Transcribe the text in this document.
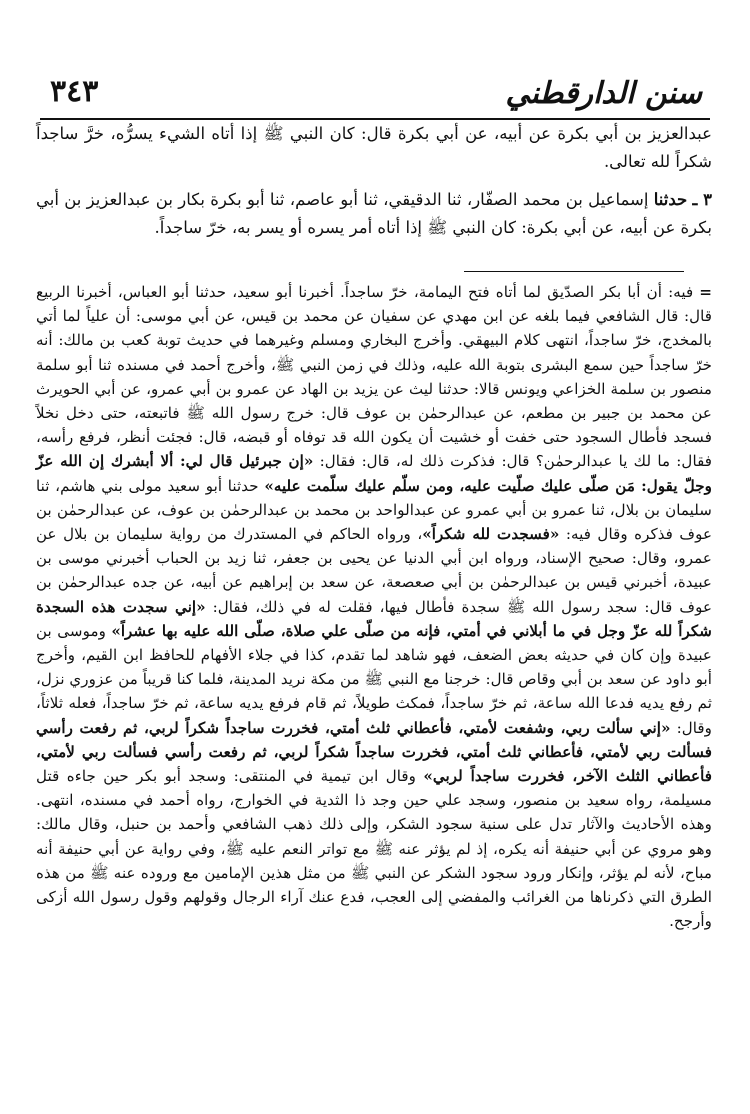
سنن الدارقطني
٣٤٣

عبدالعزيز بن أبي بكرة عن أبيه، عن أبي بكرة قال: كان النبي ﷺ إذا أتاه الشيء يسرُّه، خرَّ ساجداً شكراً لله تعالى.

٣ ـ حدثنا إسماعيل بن محمد الصفّار، ثنا الدقيقي، ثنا أبو عاصم، ثنا أبو بكرة بكار بن عبدالعزيز بن أبي بكرة عن أبيه، عن أبي بكرة: كان النبي ﷺ إذا أتاه أمر يسره أو يسر به، خرّ ساجداً.

=فيه: أن أبا بكر الصدّيق لما أتاه فتح اليمامة، خرّ ساجداً. أخبرنا أبو سعيد، حدثنا أبو العباس، أخبرنا الربيع قال: قال الشافعي فيما بلغه عن ابن مهدي عن سفيان عن محمد بن قيس، عن أبي موسى: أن علياً لما أتي بالمخدج، خرّ ساجداً، انتهى كلام البيهقي. وأخرج البخاري ومسلم وغيرهما في حديث توبة كعب بن مالك: أنه خرّ ساجداً حين سمع البشرى بتوبة الله عليه، وذلك في زمن النبي ﷺ، وأخرج أحمد في مسنده ثنا أبو سلمة منصور بن سلمة الخزاعي ويونس قالا: حدثنا ليث عن يزيد بن الهاد عن عمرو بن أبي عمرو، عن أبي الحويرث عن محمد بن جبير بن مطعم، عن عبدالرحمٰن بن عوف قال: خرج رسول الله ﷺ فاتبعته، حتى دخل نخلاً فسجد فأطال السجود حتى خفت أو خشيت أن يكون الله قد توفاه أو قبضه، قال: فجئت أنظر، فرفع رأسه، فقال: ما لك يا عبدالرحمٰن؟ قال: فذكرت ذلك له، قال: فقال: «إن جبرئيل قال لي: ألا أبشرك إن الله عزّ وجلّ يقول: مَن صلّى عليك صلّيت عليه، ومن سلّم عليك سلّمت عليه» حدثنا أبو سعيد مولى بني هاشم، ثنا سليمان بن بلال، ثنا عمرو بن أبي عمرو عن عبدالواحد بن محمد بن عبدالرحمٰن بن عوف، عن عبدالرحمٰن بن عوف فذكره وقال فيه: «فسجدت لله شكراً»، ورواه الحاكم في المستدرك من رواية سليمان بن بلال عن عمرو، وقال: صحيح الإسناد، ورواه ابن أبي الدنيا عن يحيى بن جعفر، ثنا زيد بن الحباب أخبرني موسى بن عبيدة، أخبرني قيس بن عبدالرحمٰن بن أبي صعصعة، عن سعد بن إبراهيم عن أبيه، عن جده عبدالرحمٰن بن عوف قال: سجد رسول الله ﷺ سجدة فأطال فيها، فقلت له في ذلك، فقال: «إني سجدت هذه السجدة شكراً لله عزّ وجل في ما أبلاني في أمتي، فإنه من صلّى علي صلاة، صلّى الله عليه بها عشراً» وموسى بن عبيدة وإن كان في حديثه بعض الضعف، فهو شاهد لما تقدم، كذا في جلاء الأفهام للحافظ ابن القيم، وأخرج أبو داود عن سعد بن أبي وقاص قال: خرجنا مع النبي ﷺ من مكة نريد المدينة، فلما كنا قريباً من عزوري نزل، ثم رفع يديه فدعا الله ساعة، ثم خرّ ساجداً، فمكث طويلاً، ثم قام فرفع يديه ساعة، ثم خرّ ساجداً، فعله ثلاثاً، وقال: «إني سألت ربي، وشفعت لأمتي، فأعطاني ثلث أمتي، فخررت ساجداً شكراً لربي، ثم رفعت رأسي فسألت ربي لأمتي، فأعطاني ثلث أمتي، فخررت ساجداً شكراً لربي، ثم رفعت رأسي فسألت ربي لأمتي، فأعطاني الثلث الآخر، فخررت ساجداً لربي» وقال ابن تيمية في المنتقى: وسجد أبو بكر حين جاءه قتل مسيلمة، رواه سعيد بن منصور، وسجد علي حين وجد ذا الثدية في الخوارج، رواه أحمد في مسنده، انتهى. وهذه الأحاديث والآثار تدل على سنية سجود الشكر، وإلى ذلك ذهب الشافعي وأحمد بن حنبل، وقال مالك: وهو مروي عن أبي حنيفة أنه يكره، إذ لم يؤثر عنه ﷺ مع تواتر النعم عليه ﷺ، وفي رواية عن أبي حنيفة أنه مباح، لأنه لم يؤثر، وإنكار ورود سجود الشكر عن النبي ﷺ من مثل هذين الإمامين مع وروده عنه ﷺ من هذه الطرق التي ذكرناها من الغرائب والمفضي إلى العجب، فدع عنك آراء الرجال وقولهم وقول رسول الله أزكى وأرجح.
